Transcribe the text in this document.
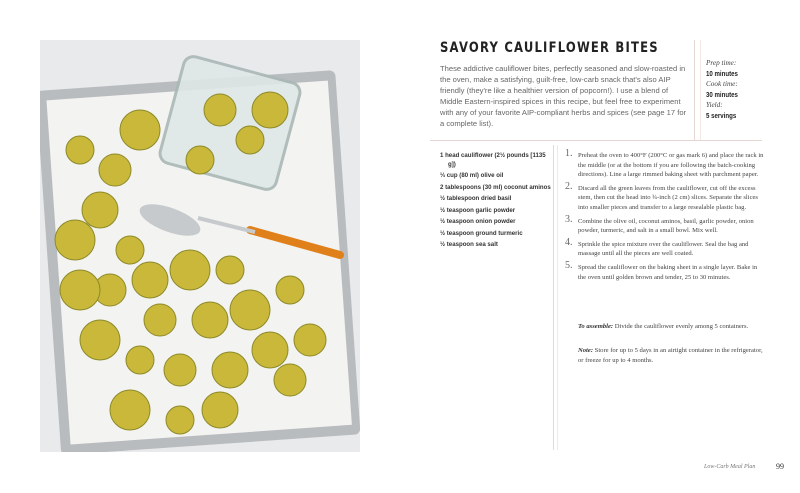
SAVORY CAULIFLOWER BITES

These addictive cauliflower bites, perfectly seasoned and slow-roasted in the oven, make a satisfying, guilt-free, low-carb snack that's also AIP friendly (they're like a healthier version of popcorn!). I use a blend of Middle Eastern-inspired spices in this recipe, but feel free to experiment with any of your favorite AIP-compliant herbs and spices (see page 17 for a complete list).

Prep time:
10 minutes
Cook time:
30 minutes
Yield:
5 servings
1 head cauliflower (2½ pounds [1135 g])
⅓ cup (80 ml) olive oil
2 tablespoons (30 ml) coconut aminos
½ tablespoon dried basil
½ teaspoon garlic powder
½ teaspoon onion powder
½ teaspoon ground turmeric
½ teaspoon sea salt
1. Preheat the oven to 400°F (200°C or gas mark 6) and place the rack in the middle (or at the bottom if you are following the batch-cooking directions). Line a large rimmed baking sheet with parchment paper.
2. Discard all the green leaves from the cauliflower, cut off the excess stem, then cut the head into ¾-inch (2 cm) slices. Separate the slices into smaller pieces and transfer to a large resealable plastic bag.
3. Combine the olive oil, coconut aminos, basil, garlic powder, onion powder, turmeric, and salt in a small bowl. Mix well.
4. Sprinkle the spice mixture over the cauliflower. Seal the bag and massage until all the pieces are well coated.
5. Spread the cauliflower on the baking sheet in a single layer. Bake in the oven until golden brown and tender, 25 to 30 minutes.

To assemble: Divide the cauliflower evenly among 5 containers.

Note: Store for up to 5 days in an airtight container in the refrigerator, or freeze for up to 4 months.

Low-Carb Meal Plan	99
